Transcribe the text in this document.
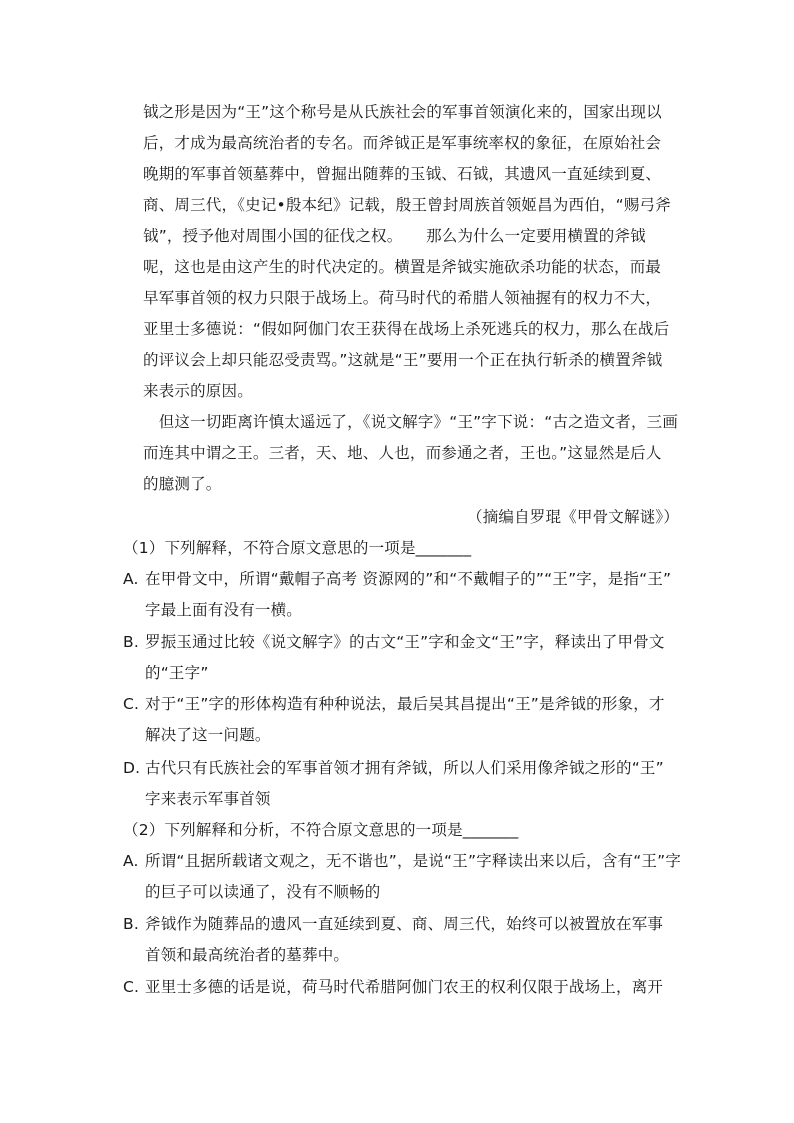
钺之形是因为“王”这个称号是从氏族社会的军事首领演化来的，国家出现以
后，才成为最高统治者的专名。而斧钺正是军事统率权的象征，在原始社会
晚期的军事首领墓葬中，曾掘出随葬的玉钺、石钺，其遗风一直延续到夏、
商、周三代，《史记•殷本纪》记载，殷王曾封周族首领姬昌为西伯，“赐弓斧
钺”，授予他对周围小国的征伐之权。　　那么为什么一定要用横置的斧钺
呢，这也是由这产生的时代决定的。横置是斧钺实施砍杀功能的状态，而最
早军事首领的权力只限于战场上。荷马时代的希腊人领袖握有的权力不大，
亚里士多德说：“假如阿伽门农王获得在战场上杀死逃兵的权力，那么在战后
的评议会上却只能忍受责骂。”这就是“王”要用一个正在执行斩杀的横置斧钺
来表示的原因。
　但这一切距离许慎太遥远了，《说文解字》“王”字下说：“古之造文者，三画
而连其中谓之王。三者，天、地、人也，而参通之者，王也。”这显然是后人
的臆测了。
（摘编自罗琨《甲骨文解谜》）
（1）下列解释，不符合原文意思的一项是_______
A. 在甲骨文中，所谓“戴帽子高考 资源网的”和“不戴帽子的”“王”字，是指“王”
字最上面有没有一横。
B. 罗振玉通过比较《说文解字》的古文“王”字和金文“王”字，释读出了甲骨文
的“王字”
C. 对于“王”字的形体构造有种种说法，最后吴其昌提出“王”是斧钺的形象，才
解决了这一问题。
D. 古代只有氏族社会的军事首领才拥有斧钺，所以人们采用像斧钺之形的“王”
字来表示军事首领
（2）下列解释和分析，不符合原文意思的一项是_______
A. 所谓“且据所载诸文观之，无不谐也”，是说“王”字释读出来以后，含有“王”字
的巨子可以读通了，没有不顺畅的
B. 斧钺作为随葬品的遗风一直延续到夏、商、周三代，始终可以被置放在军事
首领和最高统治者的墓葬中。
C. 亚里士多德的话是说，荷马时代希腊阿伽门农王的权利仅限于战场上，离开
